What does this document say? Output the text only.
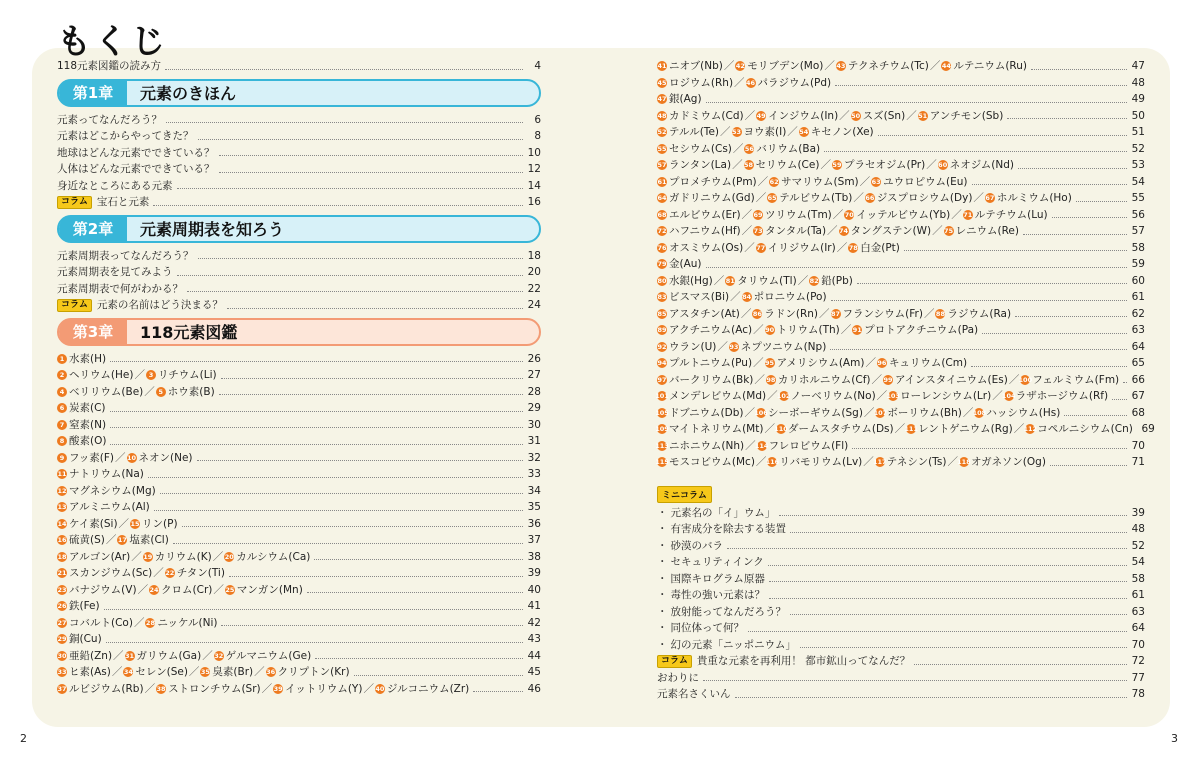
もくじ
118元素図鑑の読み方	4
第1章	元素のきほん
元素ってなんだろう？	6
元素はどこからやってきた？	8
地球はどんな元素でできている？	10
人体はどんな元素でできている？	12
身近なところにある元素	14
コラム 宝石と元素	16
第2章	元素周期表を知ろう
元素周期表ってなんだろう？	18
元素周期表を見てみよう	20
元素周期表で何がわかる？	22
コラム 元素の名前はどう決まる？	24
第3章	118元素図鑑
1 水素(H)	26
2 ヘリウム(He) ／ 3 リチウム(Li)	27
4 ベリリウム(Be) ／ 5 ホウ素(B)	28
6 炭素(C)	29
7 窒素(N)	30
8 酸素(O)	31
9 フッ素(F) ／ 10 ネオン(Ne)	32
11 ナトリウム(Na)	33
12 マグネシウム(Mg)	34
13 アルミニウム(Al)	35
14 ケイ素(Si) ／ 15 リン(P)	36
16 硫黄(S) ／ 17 塩素(Cl)	37
18 アルゴン(Ar) ／ 19 カリウム(K) ／ 20 カルシウム(Ca)	38
21 スカンジウム(Sc) ／ 22 チタン(Ti)	39
23 バナジウム(V) ／ 24 クロム(Cr) ／ 25 マンガン(Mn)	40
26 鉄(Fe)	41
27 コバルト(Co) ／ 28 ニッケル(Ni)	42
29 銅(Cu)	43
30 亜鉛(Zn) ／ 31 ガリウム(Ga) ／ 32 ゲルマニウム(Ge)	44
33 ヒ素(As) ／ 34 セレン(Se) ／ 35 臭素(Br) ／ 36 クリプトン(Kr)	45
37 ルビジウム(Rb) ／ 38 ストロンチウム(Sr) ／ 39 イットリウム(Y) ／ 40 ジルコニウム(Zr)	46
41 ニオブ(Nb) ／ 42 モリブデン(Mo) ／ 43 テクネチウム(Tc) ／ 44 ルテニウム(Ru)	47
45 ロジウム(Rh) ／ 46 パラジウム(Pd)	48
47 銀(Ag)	49
48 カドミウム(Cd) ／ 49 インジウム(In) ／ 50 スズ(Sn) ／ 51 アンチモン(Sb)	50
52 テルル(Te) ／ 53 ヨウ素(I) ／ 54 キセノン(Xe)	51
55 セシウム(Cs) ／ 56 バリウム(Ba)	52
57 ランタン(La) ／ 58 セリウム(Ce) ／ 59 プラセオジム(Pr) ／ 60 ネオジム(Nd)	53
61 プロメチウム(Pm) ／ 62 サマリウム(Sm) ／ 63 ユウロピウム(Eu)	54
64 ガドリニウム(Gd) ／ 65 テルビウム(Tb) ／ 66 ジスプロシウム(Dy) ／ 67 ホルミウム(Ho)	55
68 エルビウム(Er) ／ 69 ツリウム(Tm) ／ 70 イッテルビウム(Yb) ／ 71 ルテチウム(Lu)	56
72 ハフニウム(Hf) ／ 73 タンタル(Ta) ／ 74 タングステン(W) ／ 75 レニウム(Re)	57
76 オスミウム(Os) ／ 77 イリジウム(Ir) ／ 78 白金(Pt)	58
79 金(Au)	59
80 水銀(Hg) ／ 81 タリウム(Tl) ／ 82 鉛(Pb)	60
83 ビスマス(Bi) ／ 84 ポロニウム(Po)	61
85 アスタチン(At) ／ 86 ラドン(Rn) ／ 87 フランシウム(Fr) ／ 88 ラジウム(Ra)	62
89 アクチニウム(Ac) ／ 90 トリウム(Th) ／ 91 プロトアクチニウム(Pa)	63
92 ウラン(U) ／ 93 ネプツニウム(Np)	64
94 プルトニウム(Pu) ／ 95 アメリシウム(Am) ／ 96 キュリウム(Cm)	65
97 バークリウム(Bk) ／ 98 カリホルニウム(Cf) ／ 99 アインスタイニウム(Es) ／ 100 フェルミウム(Fm) 66
101 メンデレビウム(Md) ／ 102 ノーベリウム(No) ／ 103 ローレンシウム(Lr) ／ 104 ラザホージウム(Rf) 67
105 ドブニウム(Db) ／ 106 シーボーギウム(Sg) ／ 107 ボーリウム(Bh) ／ 108 ハッシウム(Hs)	68
109 マイトネリウム(Mt) ／ 110 ダームスタチウム(Ds) ／ 111 レントゲニウム(Rg) ／ 112 コペルニシウム(Cn) 69
113 ニホニウム(Nh) ／ 114 フレロビウム(Fl)	70
115 モスコビウム(Mc) ／ 116 リバモリウム(Lv) ／ 117 テネシン(Ts) ／ 118 オガネソン(Og)	71
ミニコラム
・ 元素名の「イ」ウム」	39
・ 有害成分を除去する装置	48
・ 砂漠のバラ	52
・ セキュリティインク	54
・ 国際キログラム原器	58
・ 毒性の強い元素は？	61
・ 放射能ってなんだろう？	63
・ 同位体って何？	64
・ 幻の元素「ニッポニウム」	70
コラム 貴重な元素を再利用！ 都市鉱山ってなんだ？	72
おわりに	77
元素名さくいん	78
2	3
